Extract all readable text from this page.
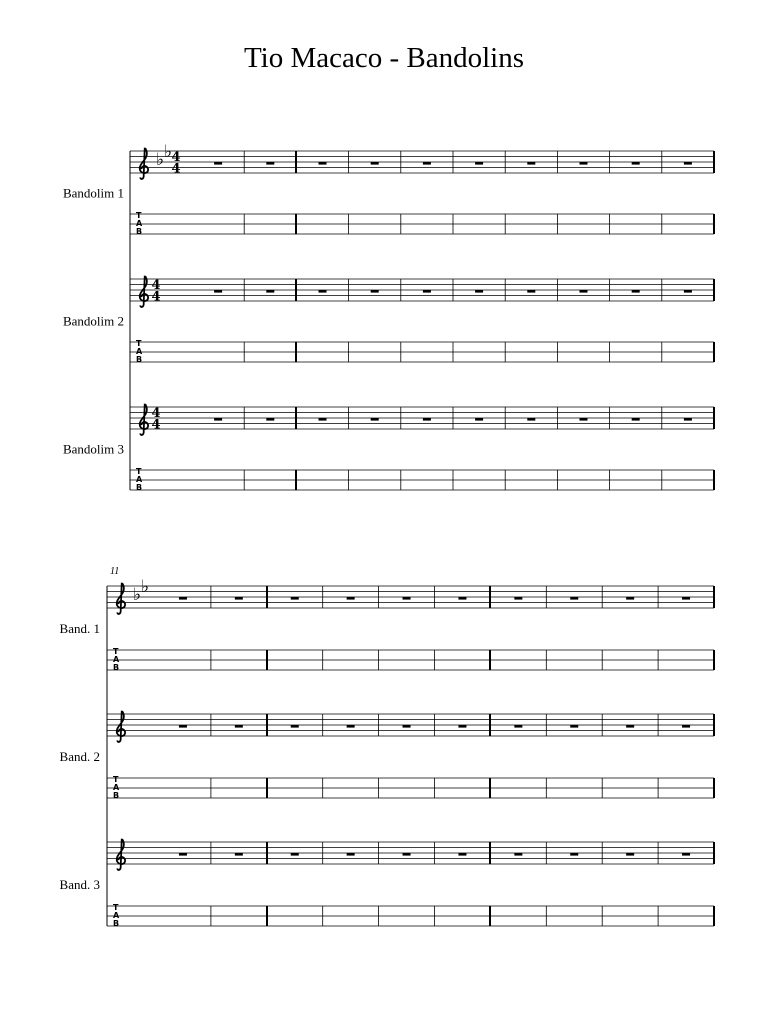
Tio Macaco - Bandolins
Bandolim 1
♭ ♭ 4
4
T
A
B
Bandolim 2
4
4
T
A
B
Bandolim 3
4
4
T
A
B
11
Band. 1
♭ ♭
T
A
B
Band. 2
T
A
B
Band. 3
T
A
B
